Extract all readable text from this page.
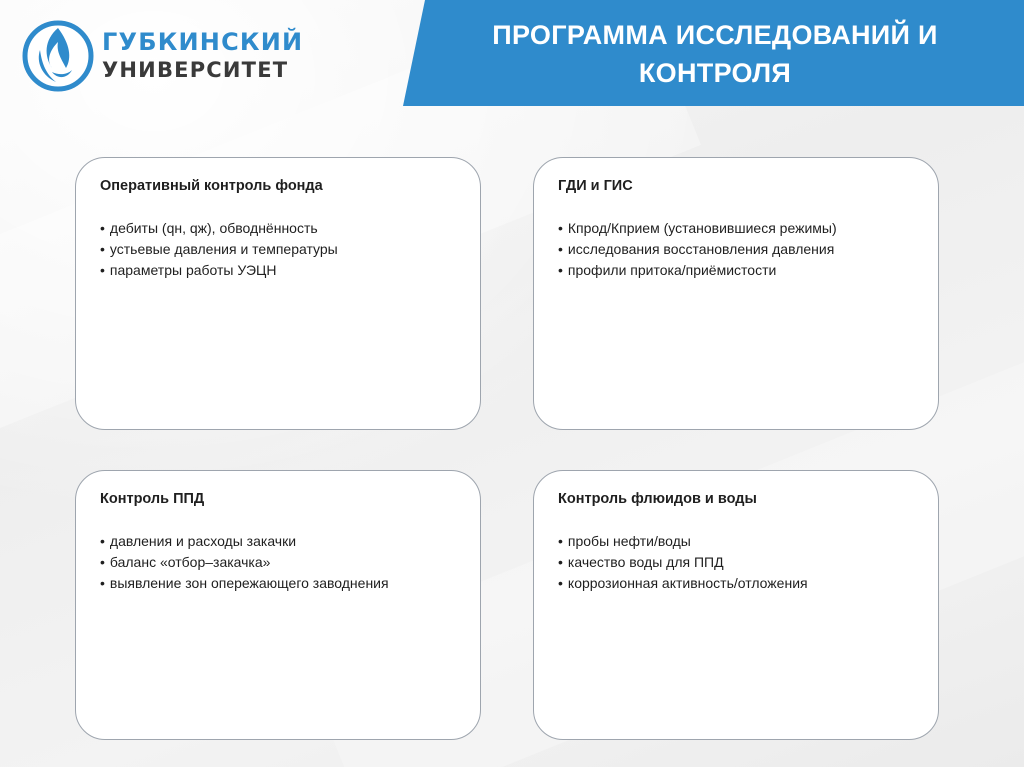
ГУБКИНСКИЙ
УНИВЕРСИТЕТ
ПРОГРАММА ИССЛЕДОВАНИЙ И
КОНТРОЛЯ
Оперативный контроль фонда
• дебиты (qн, qж), обводнённость
• устьевые давления и температуры
• параметры работы УЭЦН
ГДИ и ГИС
• Кпрод/Кприем (установившиеся режимы)
• исследования восстановления давления
• профили притока/приёмистости
Контроль ППД
• давления и расходы закачки
• баланс «отбор–закачка»
• выявление зон опережающего заводнения
Контроль флюидов и воды
• пробы нефти/воды
• качество воды для ППД
• коррозионная активность/отложения
